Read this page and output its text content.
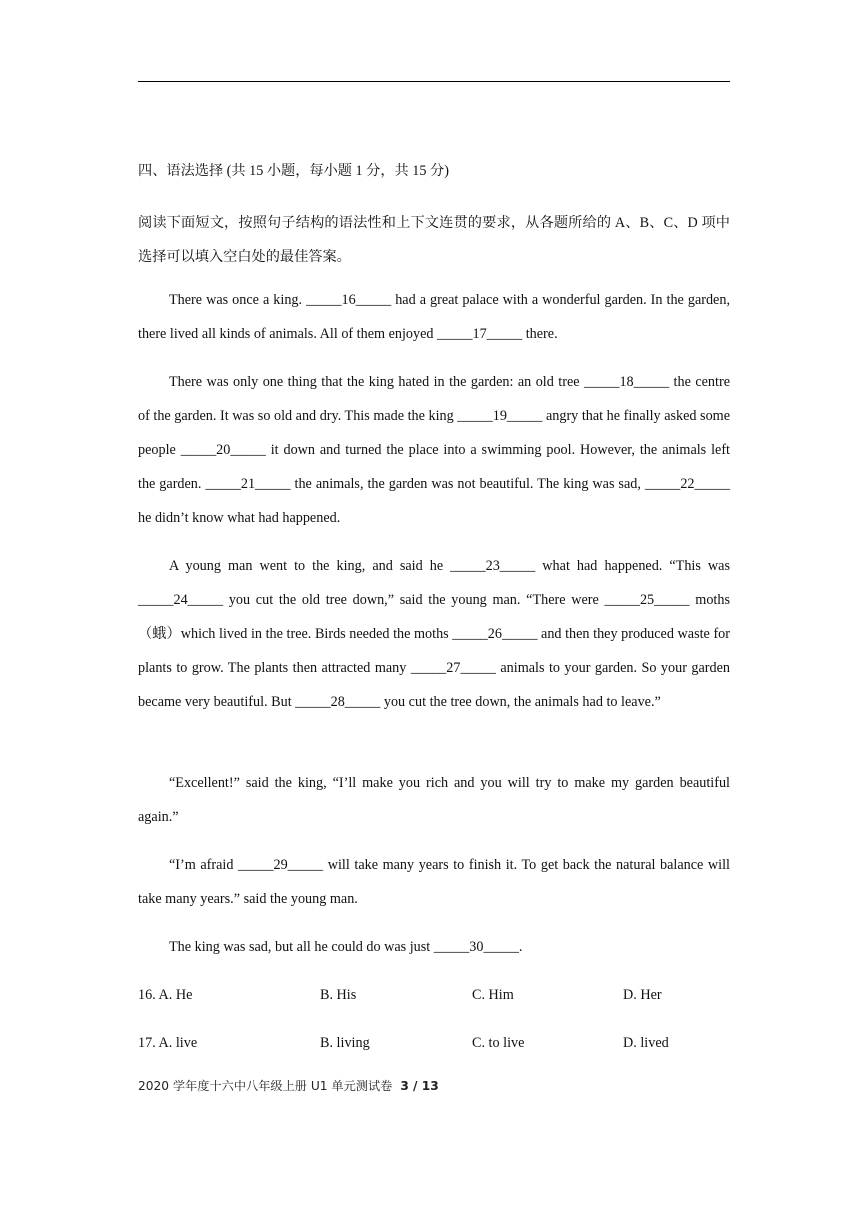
四、语法选择 (共 15 小题，每小题 1 分，共 15 分)
阅读下面短文，按照句子结构的语法性和上下文连贯的要求，从各题所给的 A、B、C、D 项中选择可以填入空白处的最佳答案。

There was once a king. _____16_____ had a great palace with a wonderful garden. In the garden, there lived all kinds of animals. All of them enjoyed _____17_____ there.

There was only one thing that the king hated in the garden: an old tree _____18_____ the centre of the garden. It was so old and dry. This made the king _____19_____ angry that he finally asked some people _____20_____ it down and turned the place into a swimming pool. However, the animals left the garden. _____21_____ the animals, the garden was not beautiful. The king was sad, _____22_____ he didn’t know what had happened.

A young man went to the king, and said he _____23_____ what had happened. “This was _____24_____ you cut the old tree down,” said the young man. “There were _____25_____ moths（蛾）which lived in the tree. Birds needed the moths _____26_____ and then they produced waste for plants to grow. The plants then attracted many _____27_____ animals to your garden. So your garden became very beautiful. But _____28_____ you cut the tree down, the animals had to leave.”

“Excellent!” said the king, “I’ll make you rich and you will try to make my garden beautiful again.”

“I’m afraid _____29_____ will take many years to finish it. To get back the natural balance will take many years.” said the young man.

The king was sad, but all he could do was just _____30_____.

16. A. He	B. His	C. Him	D. Her
17. A. live	B. living	C. to live	D. lived
2020 学年度十六中八年级上册 U1 单元测试卷 3 / 13
